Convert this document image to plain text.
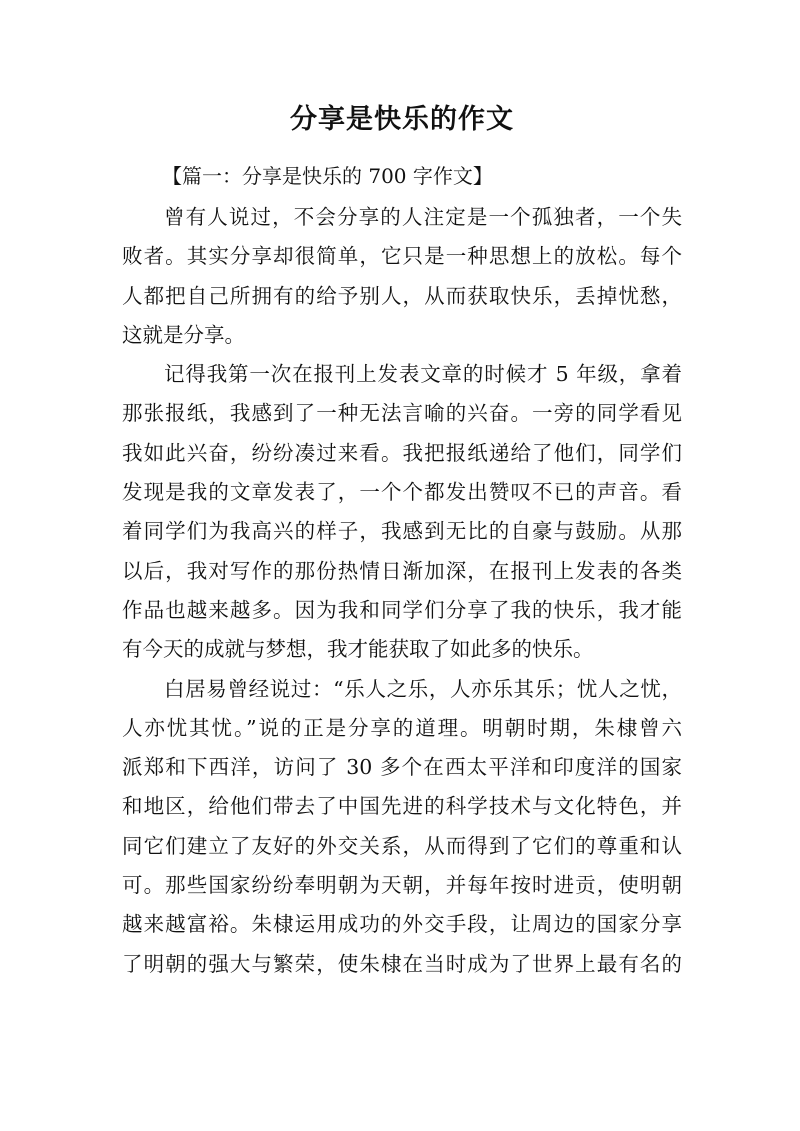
分享是快乐的作文

【篇一：分享是快乐的 700 字作文】

曾有人说过，不会分享的人注定是一个孤独者，一个失
败者。其实分享却很简单，它只是一种思想上的放松。每个
人都把自己所拥有的给予别人，从而获取快乐，丢掉忧愁，
这就是分享。

记得我第一次在报刊上发表文章的时候才 5 年级，拿着
那张报纸，我感到了一种无法言喻的兴奋。一旁的同学看见
我如此兴奋，纷纷凑过来看。我把报纸递给了他们，同学们
发现是我的文章发表了，一个个都发出赞叹不已的声音。看
着同学们为我高兴的样子，我感到无比的自豪与鼓励。从那
以后，我对写作的那份热情日渐加深，在报刊上发表的各类
作品也越来越多。因为我和同学们分享了我的快乐，我才能
有今天的成就与梦想，我才能获取了如此多的快乐。

白居易曾经说过：“乐人之乐，人亦乐其乐；忧人之忧，
人亦忧其忧。”说的正是分享的道理。明朝时期，朱棣曾六
派郑和下西洋，访问了 30 多个在西太平洋和印度洋的国家
和地区，给他们带去了中国先进的科学技术与文化特色，并
同它们建立了友好的外交关系，从而得到了它们的尊重和认
可。那些国家纷纷奉明朝为天朝，并每年按时进贡，使明朝
越来越富裕。朱棣运用成功的外交手段，让周边的国家分享
了明朝的强大与繁荣，使朱棣在当时成为了世界上最有名的
